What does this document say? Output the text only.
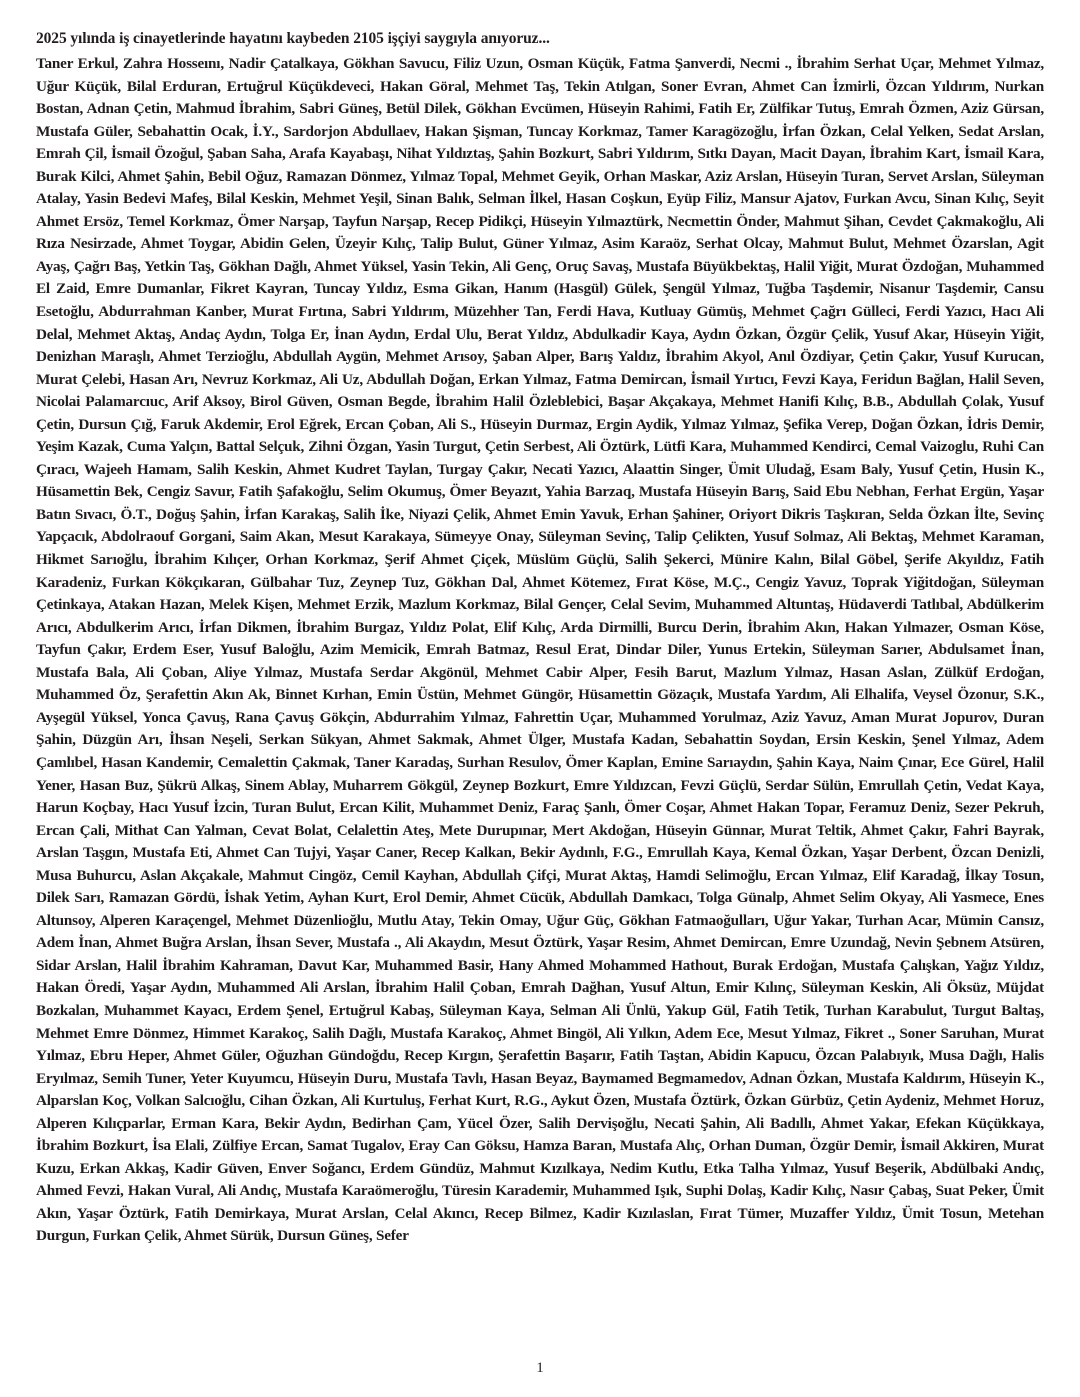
2025 yılında iş cinayetlerinde hayatını kaybeden 2105 işçiyi saygıyla anıyoruz...

Taner Erkul, Zahra Hosseını, Nadir Çatalkaya, Gökhan Savucu, Filiz Uzun, Osman Küçük, Fatma Şanverdi, Necmi ., İbrahim Serhat Uçar, Mehmet Yılmaz, Uğur Küçük, Bilal Erduran, Ertuğrul Küçükdeveci, Hakan Göral, Mehmet Taş, Tekin Atılgan, Soner Evran, Ahmet Can İzmirli, Özcan Yıldırım, Nurkan Bostan, Adnan Çetin, Mahmud İbrahim, Sabri Güneş, Betül Dilek, Gökhan Evcümen, Hüseyin Rahimi, Fatih Er, Zülfikar Tutuş, Emrah Özmen, Aziz Gürsan, Mustafa Güler, Sebahattin Ocak, İ.Y., Sardorjon Abdullaev, Hakan Şişman, Tuncay Korkmaz, Tamer Karagözoğlu, İrfan Özkan, Celal Yelken, Sedat Arslan, Emrah Çil, İsmail Özoğul, Şaban Saha, Arafa Kayabaşı, Nihat Yıldıztaş, Şahin Bozkurt, Sabri Yıldırım, Sıtkı Dayan, Macit Dayan, İbrahim Kart, İsmail Kara, Burak Kilci, Ahmet Şahin, Bebil Oğuz, Ramazan Dönmez, Yılmaz Topal, Mehmet Geyik, Orhan Maskar, Aziz Arslan, Hüseyin Turan, Servet Arslan, Süleyman Atalay, Yasin Bedevi Mafeş, Bilal Keskin, Mehmet Yeşil, Sinan Balık, Selman İlkel, Hasan Coşkun, Eyüp Filiz, Mansur Ajatov, Furkan Avcu, Sinan Kılıç, Seyit Ahmet Ersöz, Temel Korkmaz, Ömer Narşap, Tayfun Narşap, Recep Pidikçi, Hüseyin Yılmaztürk, Necmettin Önder, Mahmut Şihan, Cevdet Çakmakoğlu, Ali Rıza Nesirzade, Ahmet Toygar, Abidin Gelen, Üzeyir Kılıç, Talip Bulut, Güner Yılmaz, Asim Karaöz, Serhat Olcay, Mahmut Bulut, Mehmet Özarslan, Agit Ayaş, Çağrı Baş, Yetkin Taş, Gökhan Dağlı, Ahmet Yüksel, Yasin Tekin, Ali Genç, Oruç Savaş, Mustafa Büyükbektaş, Halil Yiğit, Murat Özdoğan, Muhammed El Zaid, Emre Dumanlar, Fikret Kayran, Tuncay Yıldız, Esma Gikan, Hanım (Hasgül) Gülek, Şengül Yılmaz, Tuğba Taşdemir, Nisanur Taşdemir, Cansu Esetoğlu, Abdurrahman Kanber, Murat Fırtına, Sabri Yıldırım, Müzehher Tan, Ferdi Hava, Kutluay Gümüş, Mehmet Çağrı Gülleci, Ferdi Yazıcı, Hacı Ali Delal, Mehmet Aktaş, Andaç Aydın, Tolga Er, İnan Aydın, Erdal Ulu, Berat Yıldız, Abdulkadir Kaya, Aydın Özkan, Özgür Çelik, Yusuf Akar, Hüseyin Yiğit, Denizhan Maraşlı, Ahmet Terzioğlu, Abdullah Aygün, Mehmet Arısoy, Şaban Alper, Barış Yaldız, İbrahim Akyol, Anıl Özdiyar, Çetin Çakır, Yusuf Kurucan, Murat Çelebi, Hasan Arı, Nevruz Korkmaz, Ali Uz, Abdullah Doğan, Erkan Yılmaz, Fatma Demircan, İsmail Yırtıcı, Fevzi Kaya, Feridun Bağlan, Halil Seven, Nicolai Palamarcıuc, Arif Aksoy, Birol Güven, Osman Begde, İbrahim Halil Özleblebici, Başar Akçakaya, Mehmet Hanifi Kılıç, B.B., Abdullah Çolak, Yusuf Çetin, Dursun Çığ, Faruk Akdemir, Erol Eğrek, Ercan Çoban, Ali S., Hüseyin Durmaz, Ergin Aydik, Yılmaz Yılmaz, Şefika Verep, Doğan Özkan, İdris Demir, Yeşim Kazak, Cuma Yalçın, Battal Selçuk, Zihni Özgan, Yasin Turgut, Çetin Serbest, Ali Öztürk, Lütfi Kara, Muhammed Kendirci, Cemal Vaizoglu, Ruhi Can Çıracı, Wajeeh Hamam, Salih Keskin, Ahmet Kudret Taylan, Turgay Çakır, Necati Yazıcı, Alaattin Singer, Ümit Uludağ, Esam Baly, Yusuf Çetin, Husin K., Hüsamettin Bek, Cengiz Savur, Fatih Şafakoğlu, Selim Okumuş, Ömer Beyazıt, Yahia Barzaq, Mustafa Hüseyin Barış, Said Ebu Nebhan, Ferhat Ergün, Yaşar Batın Sıvacı, Ö.T., Doğuş Şahin, İrfan Karakaş, Salih İke, Niyazi Çelik, Ahmet Emin Yavuk, Erhan Şahiner, Oriyort Dikris Taşkıran, Selda Özkan İlte, Sevinç Yapçacık, Abdolraouf Gorgani, Saim Akan, Mesut Karakaya, Sümeyye Onay, Süleyman Sevinç, Talip Çelikten, Yusuf Solmaz, Ali Bektaş, Mehmet Karaman, Hikmet Sarıoğlu, İbrahim Kılıçer, Orhan Korkmaz, Şerif Ahmet Çiçek, Müslüm Güçlü, Salih Şekerci, Münire Kalın, Bilal Göbel, Şerife Akyıldız, Fatih Karadeniz, Furkan Kökçıkaran, Gülbahar Tuz, Zeynep Tuz, Gökhan Dal, Ahmet Kötemez, Fırat Köse, M.Ç., Cengiz Yavuz, Toprak Yiğitdoğan, Süleyman Çetinkaya, Atakan Hazan, Melek Kişen, Mehmet Erzik, Mazlum Korkmaz, Bilal Gençer, Celal Sevim, Muhammed Altuntaş, Hüdaverdi Tatlıbal, Abdülkerim Arıcı, Abdulkerim Arıcı, İrfan Dikmen, İbrahim Burgaz, Yıldız Polat, Elif Kılıç, Arda Dirmilli, Burcu Derin, İbrahim Akın, Hakan Yılmazer, Osman Köse, Tayfun Çakır, Erdem Eser, Yusuf Baloğlu, Azim Memicik, Emrah Batmaz, Resul Erat, Dindar Diler, Yunus Ertekin, Süleyman Sarıer, Abdulsamet İnan, Mustafa Bala, Ali Çoban, Aliye Yılmaz, Mustafa Serdar Akgönül, Mehmet Cabir Alper, Fesih Barut, Mazlum Yılmaz, Hasan Aslan, Zülküf Erdoğan, Muhammed Öz, Şerafettin Akın Ak, Binnet Kırhan, Emin Üstün, Mehmet Güngör, Hüsamettin Gözaçık, Mustafa Yardım, Ali Elhalifa, Veysel Özonur, S.K., Ayşegül Yüksel, Yonca Çavuş, Rana Çavuş Gökçin, Abdurrahim Yılmaz, Fahrettin Uçar, Muhammed Yorulmaz, Aziz Yavuz, Aman Murat Jopurov, Duran Şahin, Düzgün Arı, İhsan Neşeli, Serkan Sükyan, Ahmet Sakmak, Ahmet Ülger, Mustafa Kadan, Sebahattin Soydan, Ersin Keskin, Şenel Yılmaz, Adem Çamlıbel, Hasan Kandemir, Cemalettin Çakmak, Taner Karadaş, Surhan Resulov, Ömer Kaplan, Emine Sarıaydın, Şahin Kaya, Naim Çınar, Ece Gürel, Halil Yener, Hasan Buz, Şükrü Alkaş, Sinem Ablay, Muharrem Gökgül, Zeynep Bozkurt, Emre Yıldızcan, Fevzi Güçlü, Serdar Sülün, Emrullah Çetin, Vedat Kaya, Harun Koçbay, Hacı Yusuf İzcin, Turan Bulut, Ercan Kilit, Muhammet Deniz, Faraç Şanlı, Ömer Coşar, Ahmet Hakan Topar, Feramuz Deniz, Sezer Pekruh, Ercan Çali, Mithat Can Yalman, Cevat Bolat, Celalettin Ateş, Mete Durupınar, Mert Akdoğan, Hüseyin Günnar, Murat Teltik, Ahmet Çakır, Fahri Bayrak, Arslan Taşgın, Mustafa Eti, Ahmet Can Tujyi, Yaşar Caner, Recep Kalkan, Bekir Aydınlı, F.G., Emrullah Kaya, Kemal Özkan, Yaşar Derbent, Özcan Denizli, Musa Buhurcu, Aslan Akçakale, Mahmut Cingöz, Cemil Kayhan, Abdullah Çifçi, Murat Aktaş, Hamdi Selimoğlu, Ercan Yılmaz, Elif Karadağ, İlkay Tosun, Dilek Sarı, Ramazan Gördü, İshak Yetim, Ayhan Kurt, Erol Demir, Ahmet Cücük, Abdullah Damkacı, Tolga Günalp, Ahmet Selim Okyay, Ali Yasmece, Enes Altunsoy, Alperen Karaçengel, Mehmet Düzenlioğlu, Mutlu Atay, Tekin Omay, Uğur Güç, Gökhan Fatmaoğulları, Uğur Yakar, Turhan Acar, Mümin Cansız, Adem İnan, Ahmet Buğra Arslan, İhsan Sever, Mustafa ., Ali Akaydın, Mesut Öztürk, Yaşar Resim, Ahmet Demircan, Emre Uzundağ, Nevin Şebnem Atsüren, Sidar Arslan, Halil İbrahim Kahraman, Davut Kar, Muhammed Basir, Hany Ahmed Mohammed Hathout, Burak Erdoğan, Mustafa Çalışkan, Yağız Yıldız, Hakan Öredi, Yaşar Aydın, Muhammed Ali Arslan, İbrahim Halil Çoban, Emrah Dağhan, Yusuf Altun, Emir Kılınç, Süleyman Keskin, Ali Öksüz, Müjdat Bozkalan, Muhammet Kayacı, Erdem Şenel, Ertuğrul Kabaş, Süleyman Kaya, Selman Ali Ünlü, Yakup Gül, Fatih Tetik, Turhan Karabulut, Turgut Baltaş, Mehmet Emre Dönmez, Himmet Karakoç, Salih Dağlı, Mustafa Karakoç, Ahmet Bingöl, Ali Yılkın, Adem Ece, Mesut Yılmaz, Fikret ., Soner Saruhan, Murat Yılmaz, Ebru Heper, Ahmet Güler, Oğuzhan Gündoğdu, Recep Kırgın, Şerafettin Başarır, Fatih Taştan, Abidin Kapucu, Özcan Palabıyık, Musa Dağlı, Halis Eryılmaz, Semih Tuner, Yeter Kuyumcu, Hüseyin Duru, Mustafa Tavlı, Hasan Beyaz, Baymamed Begmamedov, Adnan Özkan, Mustafa Kaldırım, Hüseyin K., Alparslan Koç, Volkan Salcıoğlu, Cihan Özkan, Ali Kurtuluş, Ferhat Kurt, R.G., Aykut Özen, Mustafa Öztürk, Özkan Gürbüz, Çetin Aydeniz, Mehmet Horuz, Alperen Kılıçparlar, Erman Kara, Bekir Aydın, Bedirhan Çam, Yücel Özer, Salih Dervişoğlu, Necati Şahin, Ali Badıllı, Ahmet Yakar, Efekan Küçükkaya, İbrahim Bozkurt, İsa Elali, Zülfiye Ercan, Samat Tugalov, Eray Can Göksu, Hamza Baran, Mustafa Alıç, Orhan Duman, Özgür Demir, İsmail Akkiren, Murat Kuzu, Erkan Akkaş, Kadir Güven, Enver Soğancı, Erdem Gündüz, Mahmut Kızılkaya, Nedim Kutlu, Etka Talha Yılmaz, Yusuf Beşerik, Abdülbaki Andıç, Ahmed Fevzi, Hakan Vural, Ali Andıç, Mustafa Karaömeroğlu, Türesin Karademir, Muhammed Işık, Suphi Dolaş, Kadir Kılıç, Nasır Çabaş, Suat Peker, Ümit Akın, Yaşar Öztürk, Fatih Demirkaya, Murat Arslan, Celal Akıncı, Recep Bilmez, Kadir Kızılaslan, Fırat Tümer, Muzaffer Yıldız, Ümit Tosun, Metehan Durgun, Furkan Çelik, Ahmet Sürük, Dursun Güneş, Sefer

1
